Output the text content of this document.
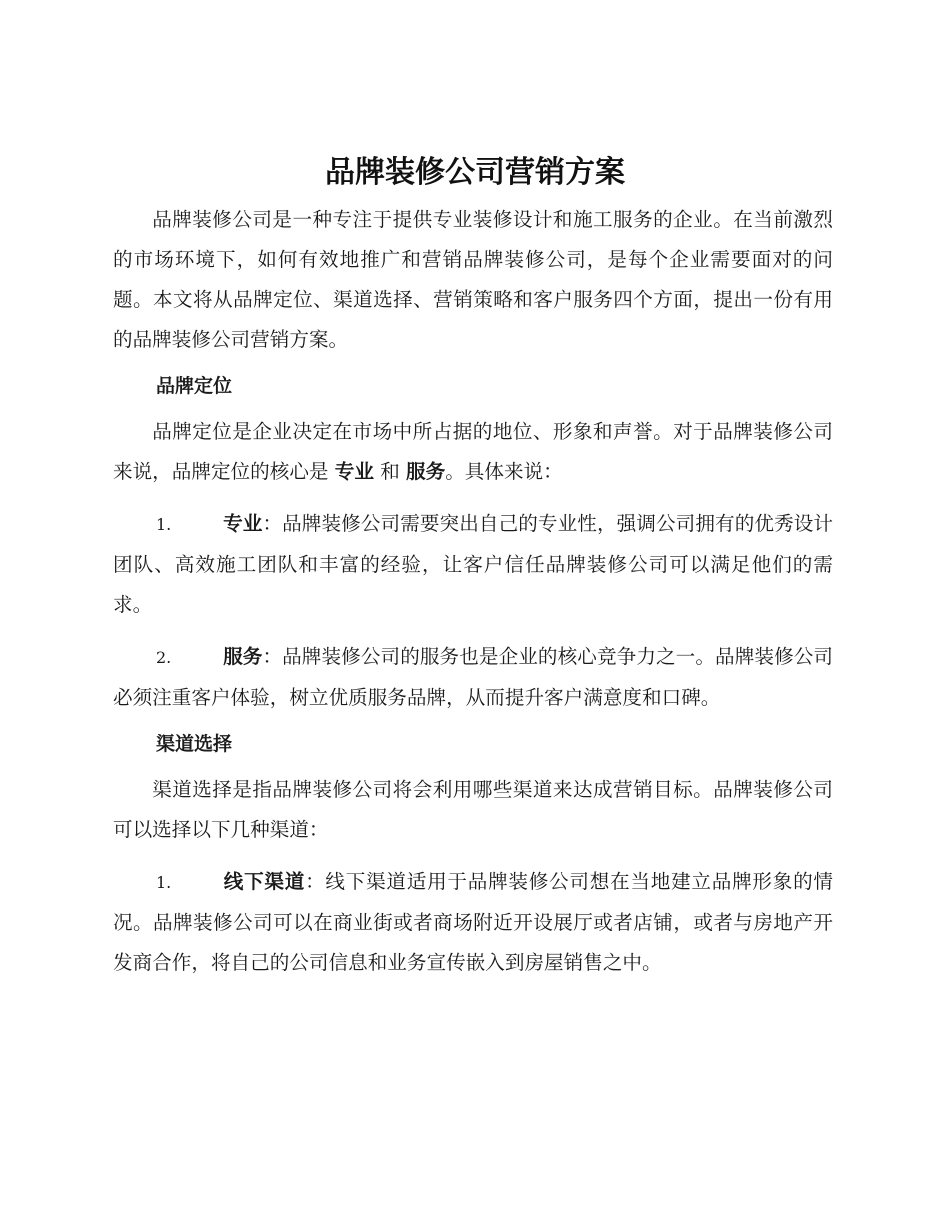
品牌装修公司营销方案

品牌装修公司是一种专注于提供专业装修设计和施工服务的企业。在当前激烈的市场环境下，如何有效地推广和营销品牌装修公司，是每个企业需要面对的问题。本文将从品牌定位、渠道选择、营销策略和客户服务四个方面，提出一份有用的品牌装修公司营销方案。

品牌定位

品牌定位是企业决定在市场中所占据的地位、形象和声誉。对于品牌装修公司来说，品牌定位的核心是 专业 和 服务。具体来说：

1.	专业：品牌装修公司需要突出自己的专业性，强调公司拥有的优秀设计团队、高效施工团队和丰富的经验，让客户信任品牌装修公司可以满足他们的需求。

2.	服务：品牌装修公司的服务也是企业的核心竞争力之一。品牌装修公司必须注重客户体验，树立优质服务品牌，从而提升客户满意度和口碑。

渠道选择

渠道选择是指品牌装修公司将会利用哪些渠道来达成营销目标。品牌装修公司可以选择以下几种渠道：

1.	线下渠道：线下渠道适用于品牌装修公司想在当地建立品牌形象的情况。品牌装修公司可以在商业街或者商场附近开设展厅或者店铺，或者与房地产开发商合作，将自己的公司信息和业务宣传嵌入到房屋销售之中。
